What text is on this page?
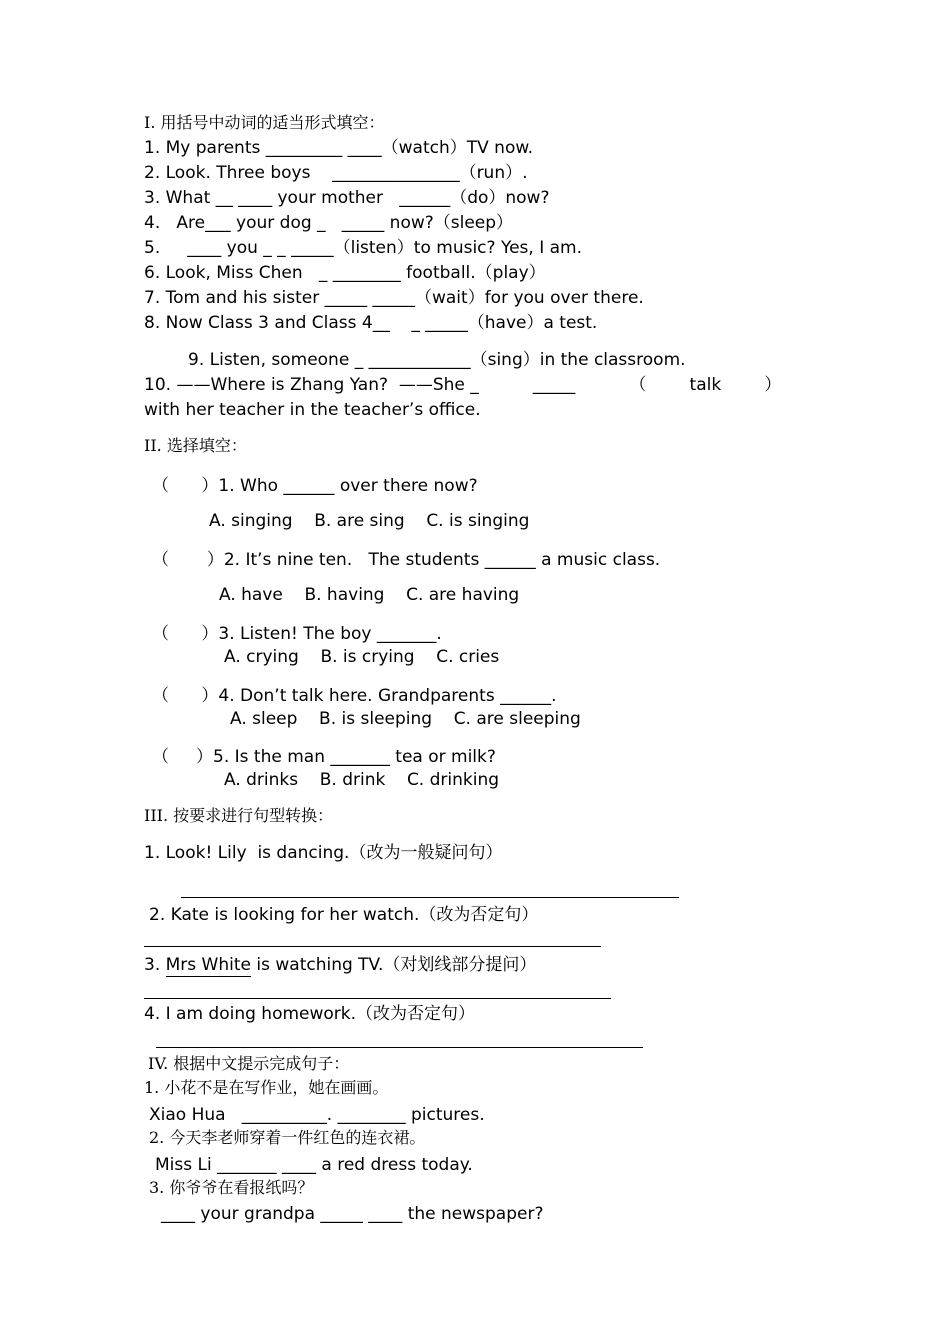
I. 用括号中动词的适当形式填空：
1. My parents _________ ____（watch）TV now.
2. Look. Three boys    _______________（run）.
3. What __ ____ your mother   ______（do）now?
4.   Are___ your dog _   _____ now?（sleep）
5.     ____ you _ _ _____（listen）to music? Yes, I am.
6. Look, Miss Chen   _ ________ football.（play）
7. Tom and his sister _____ _____（wait）for you over there.
8. Now Class 3 and Class 4__    _ _____（have）a test.
9. Listen, someone _ ____________（sing）in the classroom.
10. ——Where is Zhang Yan?  ——She _          _____          （        talk        ）
with her teacher in the teacher’s office.
II. 选择填空：
（      ）1. Who ______ over there now?
A. singing    B. are sing    C. is singing
（       ）2. It’s nine ten.   The students ______ a music class.
A. have    B. having    C. are having
（      ）3. Listen! The boy _______.
A. crying    B. is crying    C. cries
（      ）4. Don’t talk here. Grandparents ______.
A. sleep    B. is sleeping    C. are sleeping
（     ）5. Is the man _______ tea or milk?
A. drinks    B. drink    C. drinking
III. 按要求进行句型转换：
1. Look! Lily  is dancing.（改为一般疑问句）
2. Kate is looking for her watch.（改为否定句）
3. Mrs White is watching TV.（对划线部分提问）
4. I am doing homework.（改为否定句）
IV. 根据中文提示完成句子：
1. 小花不是在写作业，她在画画。
Xiao Hua   __________. ________ pictures.
2. 今天李老师穿着一件红色的连衣裙。
Miss Li _______ ____ a red dress today.
3. 你爷爷在看报纸吗？
____ your grandpa _____ ____ the newspaper?
